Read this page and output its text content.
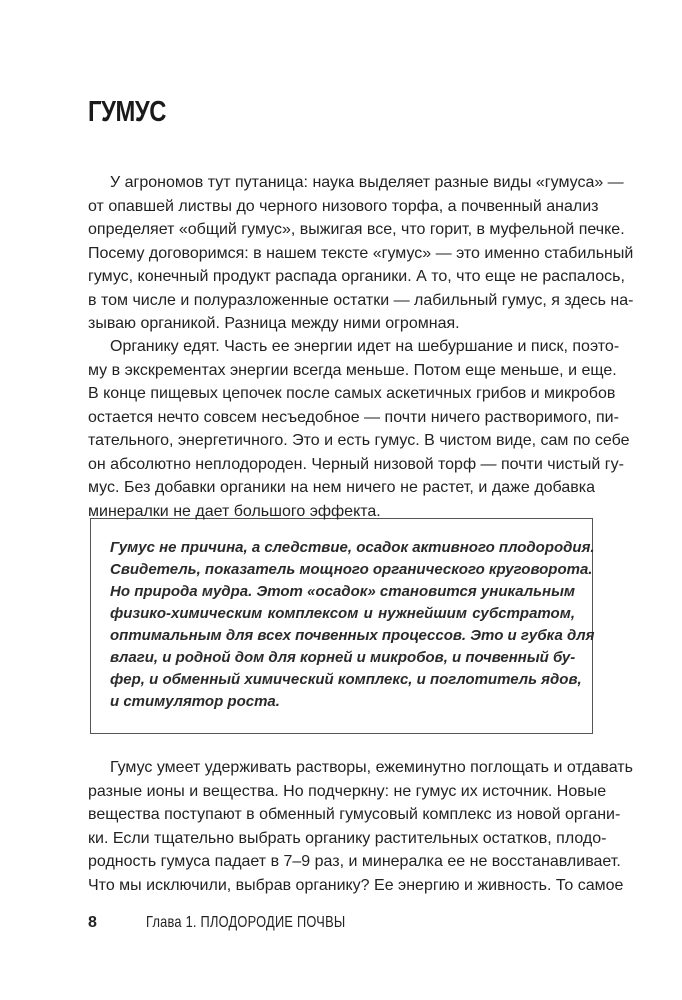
ГУМУС
У агрономов тут путаница: наука выделяет разные виды «гумуса» —
от опавшей листвы до черного низового торфа, а почвенный анализ
определяет «общий гумус», выжигая все, что горит, в муфельной печке.
Посему договоримся: в нашем тексте «гумус» — это именно стабильный
гумус, конечный продукт распада органики. А то, что еще не распалось,
в том числе и полуразложенные остатки — лабильный гумус, я здесь на-
зываю органикой. Разница между ними огромная.
Органику едят. Часть ее энергии идет на шебуршание и писк, поэто-
му в экскрементах энергии всегда меньше. Потом еще меньше, и еще.
В конце пищевых цепочек после самых аскетичных грибов и микробов
остается нечто совсем несъедобное — почти ничего растворимого, пи-
тательного, энергетичного. Это и есть гумус. В чистом виде, сам по себе
он абсолютно неплодороден. Черный низовой торф — почти чистый гу-
мус. Без добавки органики на нем ничего не растет, и даже добавка
минералки не дает большого эффекта.
Гумус не причина, а следствие, осадок активного плодородия.
Свидетель, показатель мощного органического круговорота.
Но природа мудра. Этот «осадок» становится уникальным
физико-химическим комплексом и нужнейшим субстратом,
оптимальным для всех почвенных процессов. Это и губка для
влаги, и родной дом для корней и микробов, и почвенный бу-
фер, и обменный химический комплекс, и поглотитель ядов,
и стимулятор роста.
Гумус умеет удерживать растворы, ежеминутно поглощать и отдавать
разные ионы и вещества. Но подчеркну: не гумус их источник. Новые
вещества поступают в обменный гумусовый комплекс из новой органи-
ки. Если тщательно выбрать органику растительных остатков, плодо-
родность гумуса падает в 7–9 раз, и минералка ее не восстанавливает.
Что мы исключили, выбрав органику? Ее энергию и живность. То самое
8	Глава 1. ПЛОДОРОДИЕ ПОЧВЫ
